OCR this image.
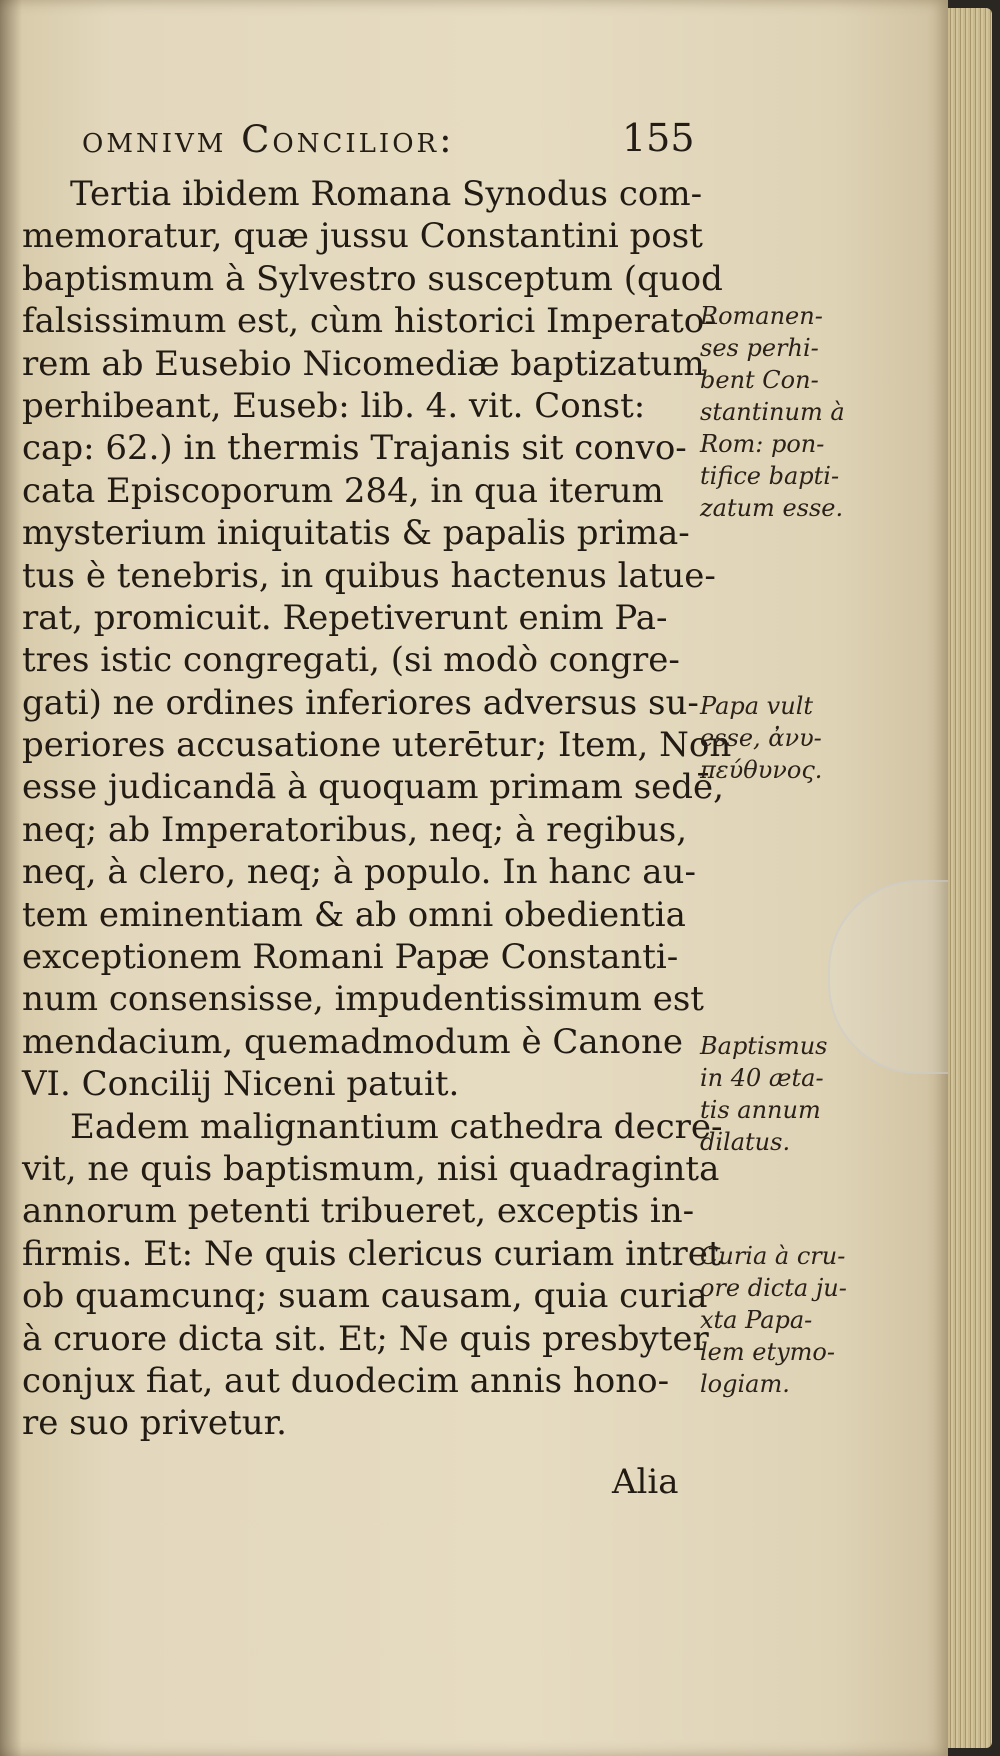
omnivm Concilior:	155
Tertia ibidem Romana Synodus com-
memoratur, quæ jussu Constantini post
baptismum à Sylvestro susceptum (quod
falsissimum est, cùm historici Imperato-
rem ab Eusebio Nicomediæ baptizatum
perhibeant, Euseb: lib. 4. vit. Const:
cap: 62.) in thermis Trajanis sit convo-
cata Episcoporum 284, in qua iterum
mysterium iniquitatis & papalis prima-
tus è tenebris, in quibus hactenus latue-
rat, promicuit. Repetiverunt enim Pa-
tres istic congregati, (si modò congre-
gati) ne ordines inferiores adversus su-
periores accusatione uterētur; Item, Non
esse judicandā à quoquam primam sedē,
neq; ab Imperatoribus, neq; à regibus,
neq, à clero, neq; à populo. In hanc au-
tem eminentiam & ab omni obedientia
exceptionem Romani Papæ Constanti-
num consensisse, impudentissimum est
mendacium, quemadmodum è Canone
VI. Concilij Niceni patuit.
Eadem malignantium cathedra decre-
vit, ne quis baptismum, nisi quadraginta
annorum petenti tribueret, exceptis in-
firmis. Et: Ne quis clericus curiam intret
ob quamcunq; suam causam, quia curia
à cruore dicta sit. Et; Ne quis presbyter
conjux fiat, aut duodecim annis hono-
re suo privetur.
Alia
Romanen-
ses perhi-
bent Con-
stantinum à
Rom: pon-
tifice bapti-
zatum esse.
Papa vult
esse, ἀνυ-
πεύθυνος.
Baptismus
in 40 ætа-
tis annum
dilatus.
Curia à cru-
ore dicta ju-
xta Papa-
lem etymo-
logiam.
